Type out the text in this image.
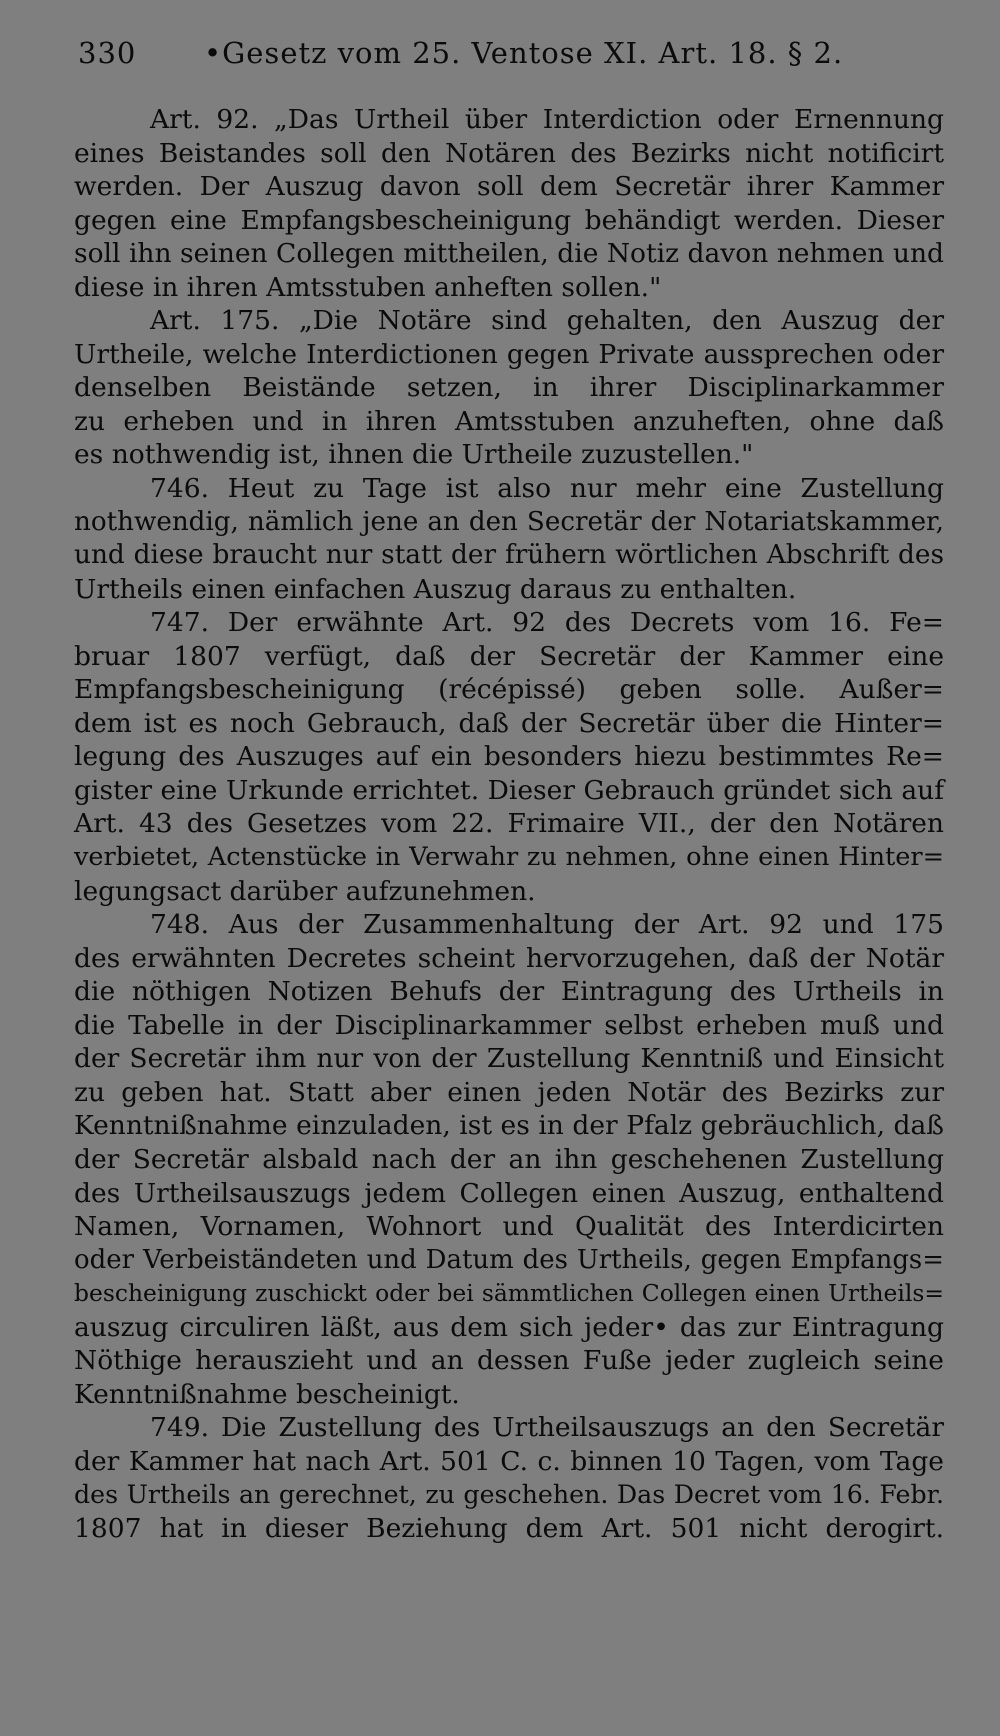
330 •Gesetz vom 25. Ventose XI. Art. 18. § 2.
Art. 92. „Das Urtheil über Interdiction oder Ernennung
eines Beistandes soll den Notären des Bezirks nicht notificirt
werden. Der Auszug davon soll dem Secretär ihrer Kammer
gegen eine Empfangsbescheinigung behändigt werden. Dieser
soll ihn seinen Collegen mittheilen, die Notiz davon nehmen und
diese in ihren Amtsstuben anheften sollen."
Art. 175. „Die Notäre sind gehalten, den Auszug der
Urtheile, welche Interdictionen gegen Private aussprechen oder
denselben Beistände setzen, in ihrer Disciplinarkammer
zu erheben und in ihren Amtsstuben anzuheften, ohne daß
es nothwendig ist, ihnen die Urtheile zuzustellen."
746. Heut zu Tage ist also nur mehr eine Zustellung
nothwendig, nämlich jene an den Secretär der Notariatskammer,
und diese braucht nur statt der frühern wörtlichen Abschrift des
Urtheils einen einfachen Auszug daraus zu enthalten.
747. Der erwähnte Art. 92 des Decrets vom 16. Fe=
bruar 1807 verfügt, daß der Secretär der Kammer eine
Empfangsbescheinigung (récépissé) geben solle. Außer=
dem ist es noch Gebrauch, daß der Secretär über die Hinter=
legung des Auszuges auf ein besonders hiezu bestimmtes Re=
gister eine Urkunde errichtet. Dieser Gebrauch gründet sich auf
Art. 43 des Gesetzes vom 22. Frimaire VII., der den Notären
verbietet, Actenstücke in Verwahr zu nehmen, ohne einen Hinter=
legungsact darüber aufzunehmen.
748. Aus der Zusammenhaltung der Art. 92 und 175
des erwähnten Decretes scheint hervorzugehen, daß der Notär
die nöthigen Notizen Behufs der Eintragung des Urtheils in
die Tabelle in der Disciplinarkammer selbst erheben muß und
der Secretär ihm nur von der Zustellung Kenntniß und Einsicht
zu geben hat. Statt aber einen jeden Notär des Bezirks zur
Kenntnißnahme einzuladen, ist es in der Pfalz gebräuchlich, daß
der Secretär alsbald nach der an ihn geschehenen Zustellung
des Urtheilsauszugs jedem Collegen einen Auszug, enthaltend
Namen, Vornamen, Wohnort und Qualität des Interdicirten
oder Verbeiständeten und Datum des Urtheils, gegen Empfangs=
bescheinigung zuschickt oder bei sämmtlichen Collegen einen Urtheils=
auszug circuliren läßt, aus dem sich jeder• das zur Eintragung
Nöthige herauszieht und an dessen Fuße jeder zugleich seine
Kenntnißnahme bescheinigt.
749. Die Zustellung des Urtheilsauszugs an den Secretär
der Kammer hat nach Art. 501 C. c. binnen 10 Tagen, vom Tage
des Urtheils an gerechnet, zu geschehen. Das Decret vom 16. Febr.
1807 hat in dieser Beziehung dem Art. 501 nicht derogirt.
